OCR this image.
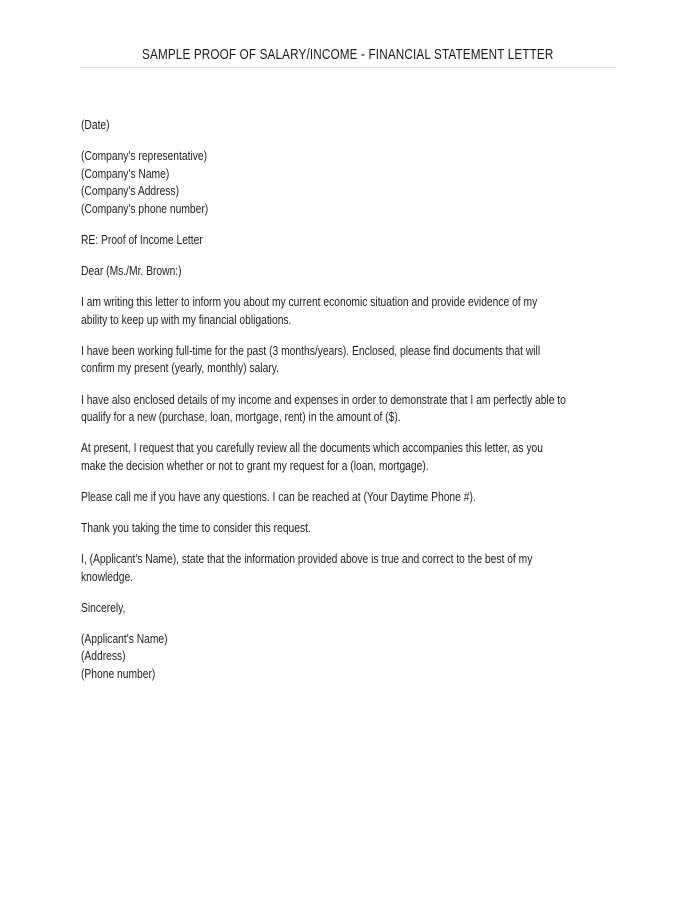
SAMPLE PROOF OF SALARY/INCOME - FINANCIAL STATEMENT LETTER

(Date)

(Company's representative)
(Company's Name)
(Company's Address)
(Company's phone number)

RE: Proof of Income Letter

Dear (Ms./Mr. Brown:)

I am writing this letter to inform you about my current economic situation and provide evidence of my
ability to keep up with my financial obligations.

I have been working full-time for the past (3 months/years). Enclosed, please find documents that will
confirm my present (yearly, monthly) salary.

I have also enclosed details of my income and expenses in order to demonstrate that I am perfectly able to
qualify for a new (purchase, loan, mortgage, rent) in the amount of ($).

At present, I request that you carefully review all the documents which accompanies this letter, as you
make the decision whether or not to grant my request for a (loan, mortgage).

Please call me if you have any questions. I can be reached at (Your Daytime Phone #).

Thank you taking the time to consider this request.

I, (Applicant's Name), state that the information provided above is true and correct to the best of my
knowledge.

Sincerely,

(Applicant's Name)
(Address)
(Phone number)
